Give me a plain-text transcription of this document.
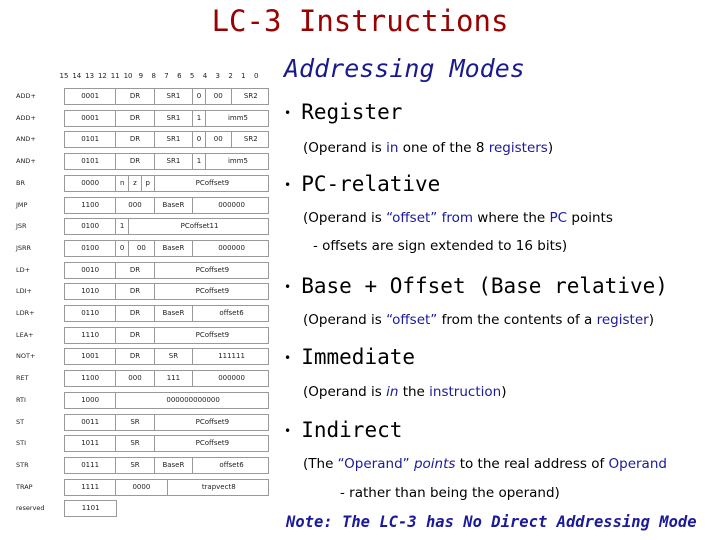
LC-3 Instructions
15 14 13 12 11 10 9	8	7	6	5	4	3	2	1	0
ADD+	0001	DR	SR1	0	00	SR2
ADD+	0001	DR	SR1	1	imm5
AND+	0101	DR	SR1	0	00	SR2
AND+	0101	DR	SR1	1	imm5
BR	0000	n	z	p	PCoffset9
JMP	1100	000	BaseR	000000
JSR	0100	1	PCoffset11
JSRR	0100	0	00	BaseR	000000
LD+	0010	DR	PCoffset9
LDI+	1010	DR	PCoffset9
LDR+	0110	DR	BaseR	offset6
LEA+	1110	DR	PCoffset9
NOT+	1001	DR	SR	111111
RET	1100	000	111	000000
RTI	1000	000000000000
ST	0011	SR	PCoffset9
STI	1011	SR	PCoffset9
STR	0111	SR	BaseR	offset6
TRAP	1111	0000	trapvect8
reserved	1101
Addressing Modes
• Register
(Operand is in one of the 8 registers)
• PC-relative
(Operand is “offset” from where the PC points
- offsets are sign extended to 16 bits)
• Base + Offset (Base relative)
(Operand is “offset” from the contents of a register)
• Immediate
(Operand is in the instruction)
• Indirect
(The “Operand” points to the real address of Operand
- rather than being the operand)
Note: The LC-3 has No Direct Addressing Mode
